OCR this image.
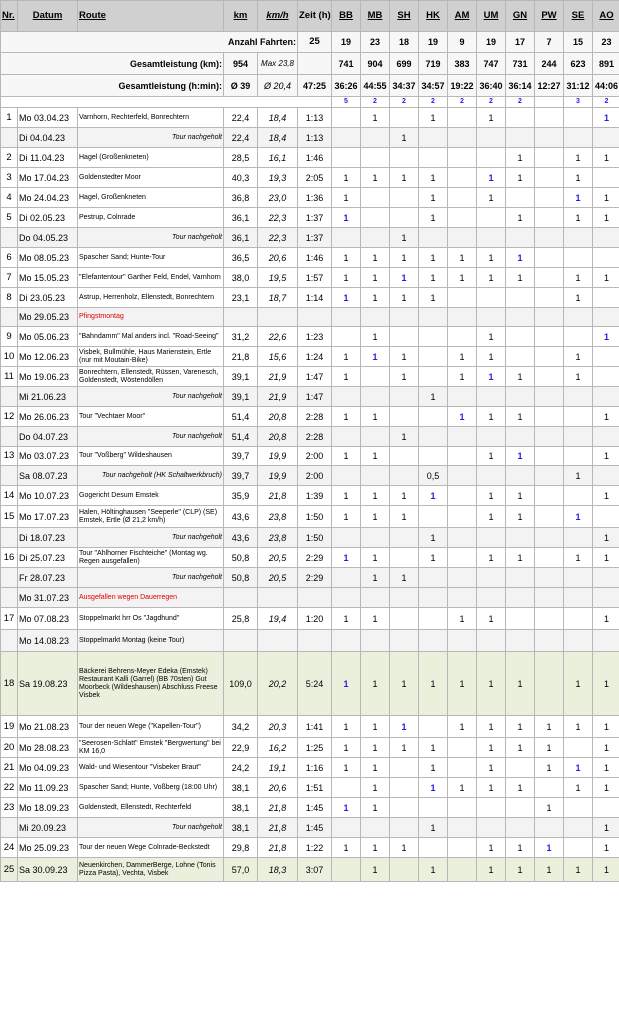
Nr.	Datum	Route	km	km/h	Zeit (h)	BB	MB	SH	HK	AM	UM	GN	PW	SE	AO
Anzahl Fahrten:					25	19	23	18	19	9	19	17	7	15	23
Gesamtleistung (km):			954	Max 23,8		741	904	699	719	383	747	731	244	623	891
Gesamtleistung (h:min):			Ø 39	Ø 20,4	47:25	36:26	44:55	34:37	34:57	19:22	36:40	36:14	12:27	31:12	44:06
						5	2	2	2	2	2	2		3	2
1	Mo 03.04.23	Varnhorn, Rechterfeld, Bonrechtern	22,4	18,4	1:13		1		1		1				1
	Di 04.04.23	Tour nachgeholt	22,4	18,4	1:13			1							
2	Di 11.04.23	Hagel (Großenkneten)	28,5	16,1	1:46							1		1	1
3	Mo 17.04.23	Goldenstedter Moor	40,3	19,3	2:05	1	1	1	1		1	1		1	
4	Mo 24.04.23	Hagel, Großenkneten	36,8	23,0	1:36	1			1		1			1	1
5	Di 02.05.23	Pestrup, Colnrade	36,1	22,3	1:37	1			1			1		1	1
	Do 04.05.23	Tour nachgeholt	36,1	22,3	1:37			1							
6	Mo 08.05.23	Spascher Sand; Hunte-Tour	36,5	20,6	1:46	1	1	1	1	1	1	1			
7	Mo 15.05.23	"Elefantentour" Garther Feld, Endel, Varnhorn	38,0	19,5	1:57	1	1	1	1	1	1	1		1	1
8	Di 23.05.23	Astrup, Herrenholz, Ellenstedt, Bonrechtern	23,1	18,7	1:14	1	1	1	1					1	
	Mo 29.05.23	Pfingstmontag													
9	Mo 05.06.23	"Bahndamm" Mal anders incl. "Road-Seeing"	31,2	22,6	1:23		1				1				1
10	Mo 12.06.23	Visbek, Bullmühle, Haus Marienstein, Ertle (nur mit Moutain-Bike)	21,8	15,6	1:24	1	1	1		1	1			1	
11	Mo 19.06.23	Bonrechtern, Ellenstedt, Rüssen, Varenesch, Goldenstedt, Wöstendöllen	39,1	21,9	1:47	1		1		1	1	1		1	
	Mi 21.06.23	Tour nachgeholt	39,1	21,9	1:47				1						
12	Mo 26.06.23	Tour "Vechtaer Moor"	51,4	20,8	2:28	1	1			1	1	1			1
	Do 04.07.23	Tour nachgeholt	51,4	20,8	2:28			1							
13	Mo 03.07.23	Tour "Voßberg" Wildeshausen	39,7	19,9	2:00	1	1				1	1			1
	Sa 08.07.23	Tour nachgeholt (HK Schaltwerkbruch)	39,7	19,9	2:00				0,5					1	
14	Mo 10.07.23	Gogericht Desum Emstek	35,9	21,8	1:39	1	1	1	1		1	1			1
15	Mo 17.07.23	Halen, Höltinghausen "Seeperle" (CLP) (SE) Emstek, Ertle (Ø 21,2 km/h)	43,6	23,8	1:50	1	1	1			1	1		1	
	Di 18.07.23	Tour nachgeholt	43,6	23,8	1:50				1						1
16	Di 25.07.23	Tour "Ahlhorner Fischteiche" (Montag wg. Regen ausgefallen)	50,8	20,5	2:29	1	1		1		1	1		1	1
	Fr 28.07.23	Tour nachgeholt	50,8	20,5	2:29		1	1							
	Mo 31.07.23	Ausgefallen wegen Dauerregen													
17	Mo 07.08.23	Stoppelmarkt hrr Os "Jagdhund"	25,8	19,4	1:20	1	1			1	1				1
	Mo 14.08.23	Stoppelmarkt Montag (keine Tour)													
18	Sa 19.08.23	Bäckerei Behrens-Meyer Edeka (Emstek) Restaurant Kalli (Garrel) (BB 70sten) Gut Moorbeck (Wildeshausen) Abschluss Freese Visbek	109,0	20,2	5:24	1	1	1	1	1	1	1		1	1
19	Mo 21.08.23	Tour der neuen Wege ("Kapellen-Tour")	34,2	20,3	1:41	1	1	1		1	1	1	1	1	1
20	Mo 28.08.23	"Seerosen-Schlatt" Emstek "Bergwertung" bei KM 16,0	22,9	16,2	1:25	1	1	1	1		1	1	1		1
21	Mo 04.09.23	Wald- und Wiesentour "Visbeker Braut"	24,2	19,1	1:16	1	1		1		1		1	1	1
22	Mo 11.09.23	Spascher Sand; Hunte, Voßberg (18:00 Uhr)	38,1	20,6	1:51		1		1	1	1	1		1	1
23	Mo 18.09.23	Goldenstedt, Ellenstedt, Rechterfeld	38,1	21,8	1:45	1	1						1		
	Mi 20.09.23	Tour nachgeholt	38,1	21,8	1:45				1						1
24	Mo 25.09.23	Tour der neuen Wege Colnrade-Beckstedt	29,8	21,8	1:22	1	1	1			1	1	1		1
25	Sa 30.09.23	Neuenkirchen, DammerBerge, Lohne (Tonis Pizza Pasta), Vechta, Visbek	57,0	18,3	3:07		1		1		1	1	1	1	1
